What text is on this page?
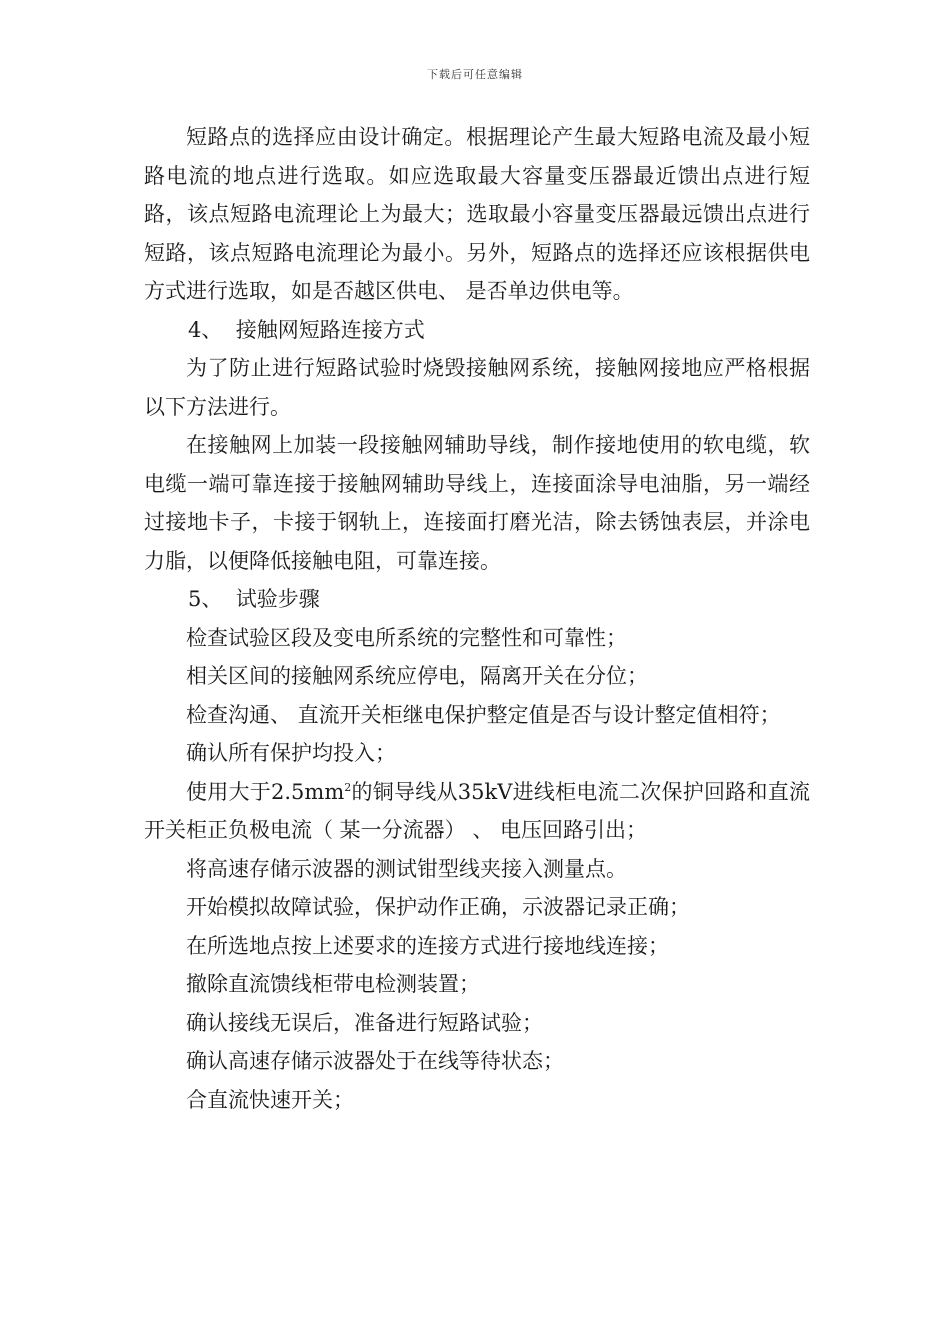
下载后可任意编辑

短路点的选择应由设计确定。根据理论产生最大短路电流及最小短路电流的地点进行选取。如应选取最大容量变压器最近馈出点进行短路，该点短路电流理论上为最大；选取最小容量变压器最远馈出点进行短路，该点短路电流理论为最小。另外，短路点的选择还应该根据供电方式进行选取，如是否越区供电、 是否单边供电等。

4、  接触网短路连接方式

为了防止进行短路试验时烧毁接触网系统，接触网接地应严格根据以下方法进行。

在接触网上加装一段接触网辅助导线，制作接地使用的软电缆，软电缆一端可靠连接于接触网辅助导线上，连接面涂导电油脂，另一端经过接地卡子，卡接于钢轨上，连接面打磨光洁，除去锈蚀表层，并涂电力脂，以便降低接触电阻，可靠连接。

5、  试验步骤

检查试验区段及变电所系统的完整性和可靠性；

相关区间的接触网系统应停电，隔离开关在分位；

检查沟通、 直流开关柜继电保护整定值是否与设计整定值相符；

确认所有保护均投入；

使用大于$2.5mm^2$的铜导线从35kV进线柜电流二次保护回路和直流开关柜正负极电流（ 某一分流器） 、 电压回路引出；

将高速存储示波器的测试钳型线夹接入测量点。

开始模拟故障试验，保护动作正确，示波器记录正确；

在所选地点按上述要求的连接方式进行接地线连接；

撤除直流馈线柜带电检测装置；

确认接线无误后，准备进行短路试验；

确认高速存储示波器处于在线等待状态；

合直流快速开关；
